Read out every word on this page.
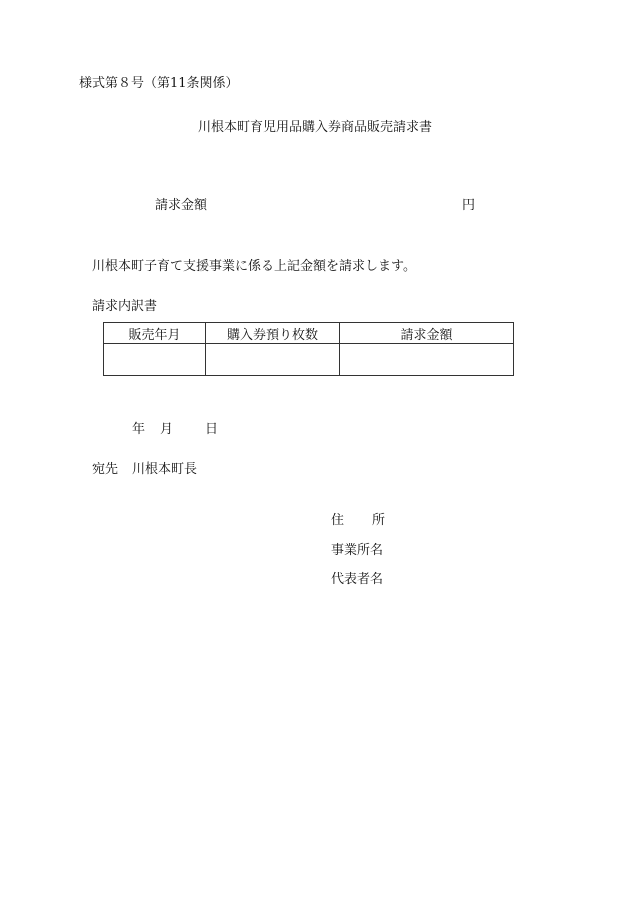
様式第８号（第11条関係）
川根本町育児用品購入券商品販売請求書
請求金額	円
川根本町子育て支援事業に係る上記金額を請求します。
請求内訳書
販売年月	購入券預り枚数	請求金額

年 月 日
宛先 川根本町長
住 所
事業所名
代表者名
